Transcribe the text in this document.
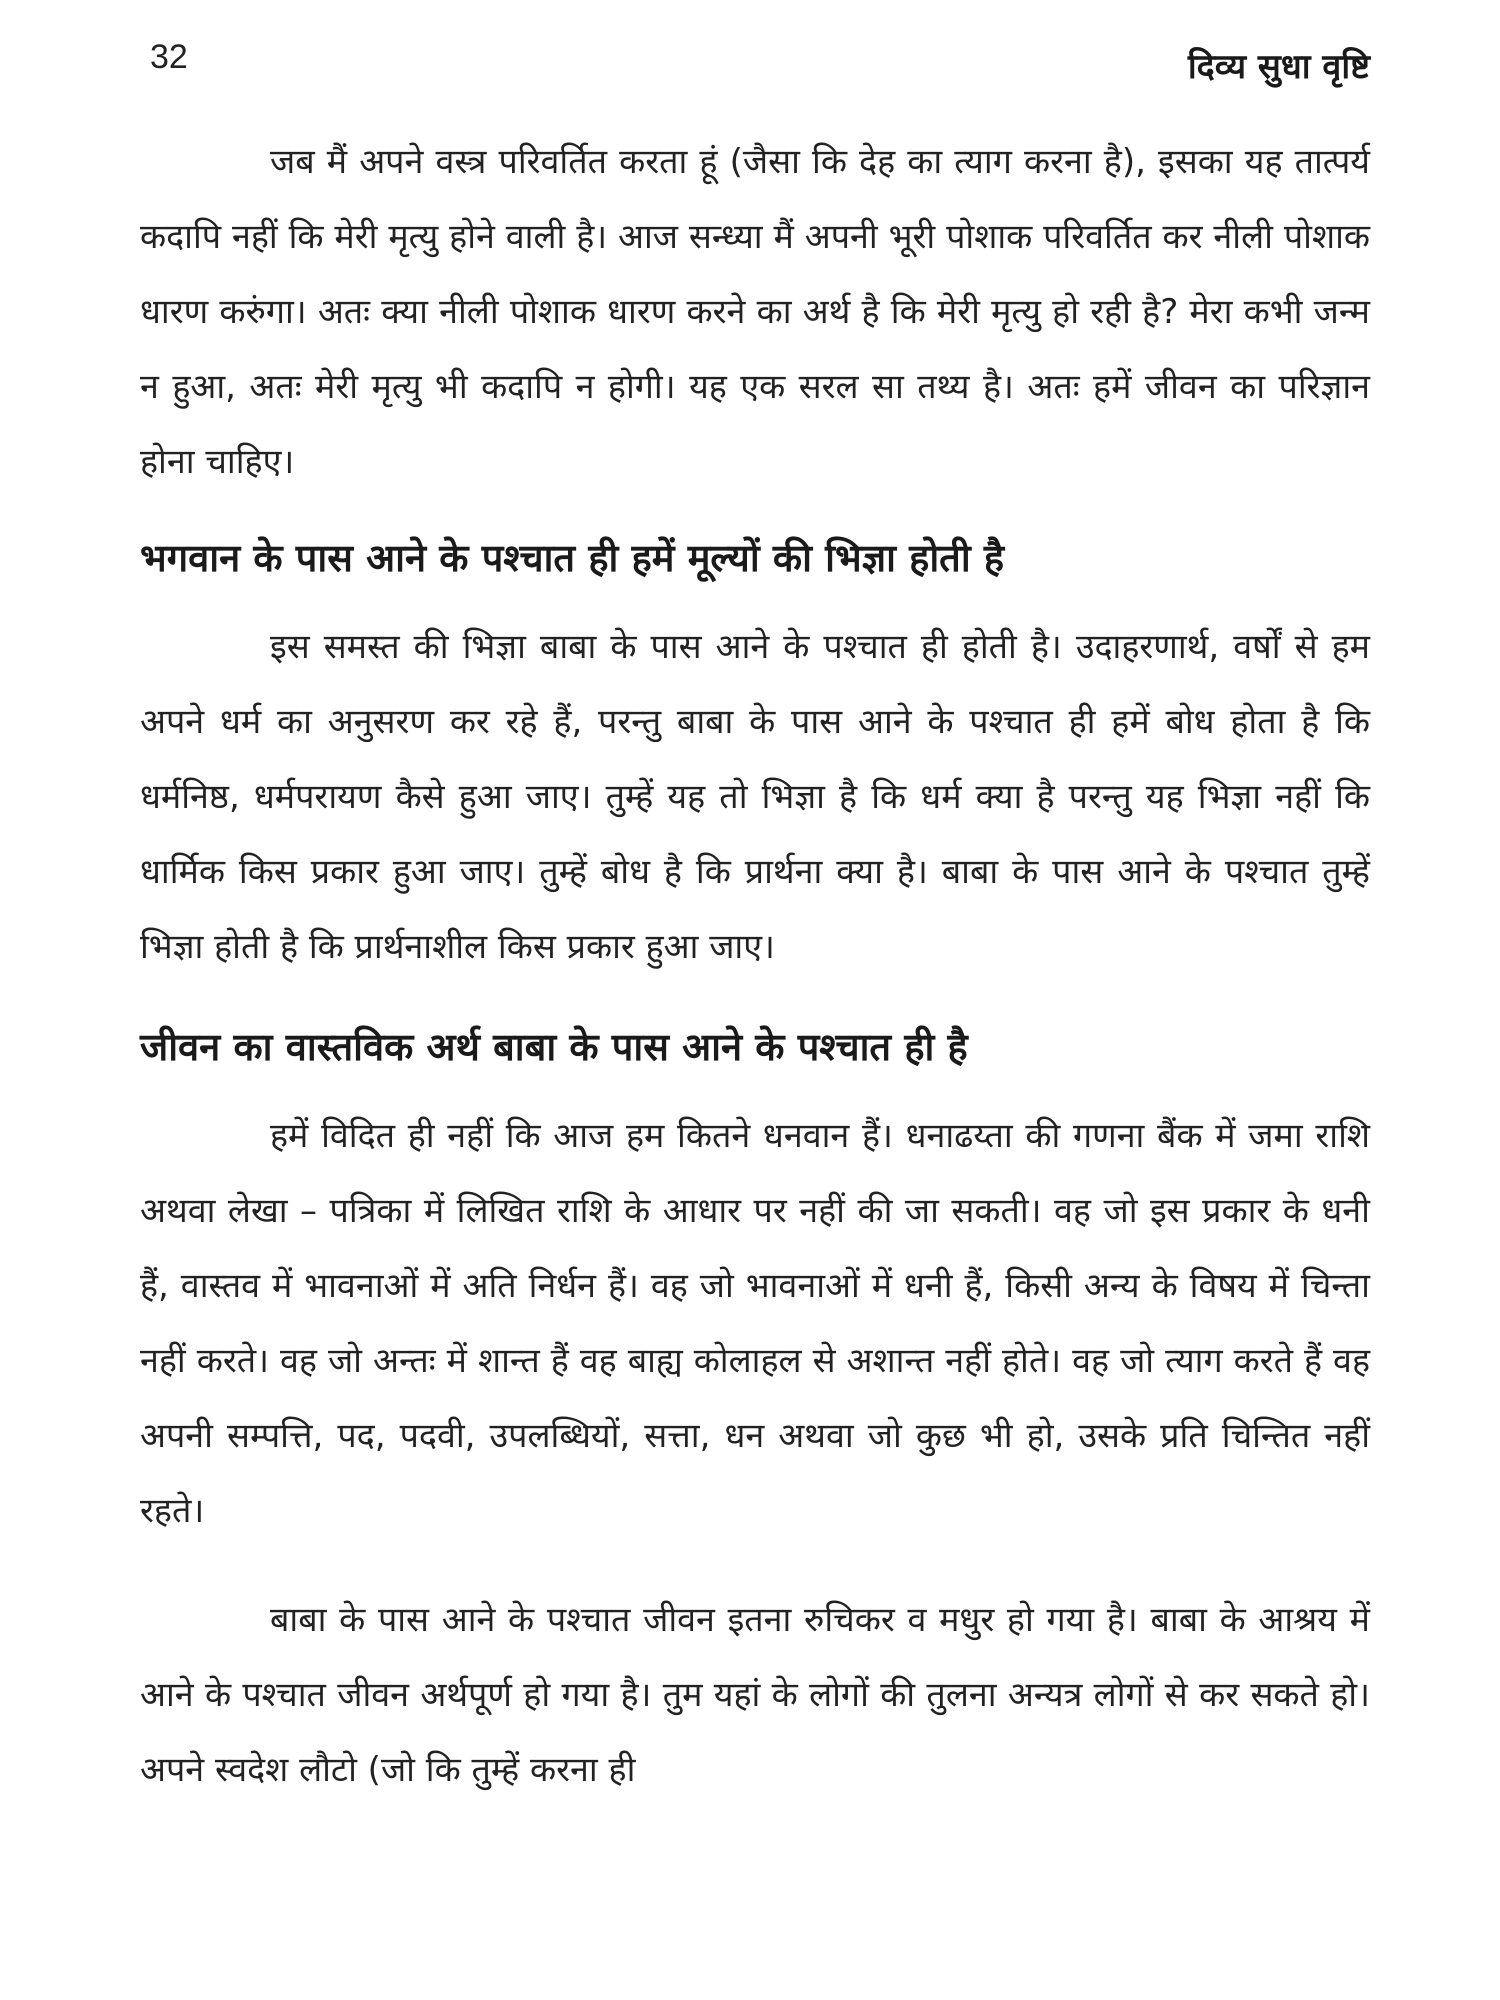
32	दिव्य सुधा वृष्टि

जब मैं अपने वस्त्र परिवर्तित करता हूं (जैसा कि देह का त्याग करना है), इसका यह तात्पर्य कदापि नहीं कि मेरी मृत्यु होने वाली है। आज सन्ध्या मैं अपनी भूरी पोशाक परिवर्तित कर नीली पोशाक धारण करुंगा। अतः क्या नीली पोशाक धारण करने का अर्थ है कि मेरी मृत्यु हो रही है? मेरा कभी जन्म न हुआ, अतः मेरी मृत्यु भी कदापि न होगी। यह एक सरल सा तथ्य है। अतः हमें जीवन का परिज्ञान होना चाहिए।

भगवान के पास आने के पश्चात ही हमें मूल्यों की भिज्ञा होती है

इस समस्त की भिज्ञा बाबा के पास आने के पश्चात ही होती है। उदाहरणार्थ, वर्षों से हम अपने धर्म का अनुसरण कर रहे हैं, परन्तु बाबा के पास आने के पश्चात ही हमें बोध होता है कि धर्मनिष्ठ, धर्मपरायण कैसे हुआ जाए। तुम्हें यह तो भिज्ञा है कि धर्म क्या है परन्तु यह भिज्ञा नहीं कि धार्मिक किस प्रकार हुआ जाए। तुम्हें बोध है कि प्रार्थना क्या है। बाबा के पास आने के पश्चात तुम्हें भिज्ञा होती है कि प्रार्थनाशील किस प्रकार हुआ जाए।

जीवन का वास्तविक अर्थ बाबा के पास आने के पश्चात ही है

हमें विदित ही नहीं कि आज हम कितने धनवान हैं। धनाढय्ता की गणना बैंक में जमा राशि अथवा लेखा – पत्रिका में लिखित राशि के आधार पर नहीं की जा सकती। वह जो इस प्रकार के धनी हैं, वास्तव में भावनाओं में अति निर्धन हैं। वह जो भावनाओं में धनी हैं, किसी अन्य के विषय में चिन्ता नहीं करते। वह जो अन्तः में शान्त हैं वह बाह्य कोलाहल से अशान्त नहीं होते। वह जो त्याग करते हैं वह अपनी सम्पत्ति, पद, पदवी, उपलब्धियों, सत्ता, धन अथवा जो कुछ भी हो, उसके प्रति चिन्तित नहीं रहते।

बाबा के पास आने के पश्चात जीवन इतना रुचिकर व मधुर हो गया है। बाबा के आश्रय में आने के पश्चात जीवन अर्थपूर्ण हो गया है। तुम यहां के लोगों की तुलना अन्यत्र लोगों से कर सकते हो। अपने स्वदेश लौटो (जो कि तुम्हें करना ही
